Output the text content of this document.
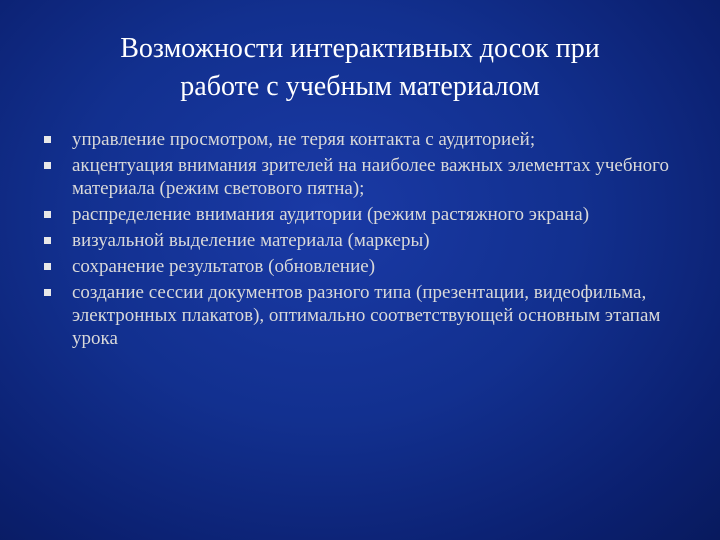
Возможности интерактивных досок при
работе с учебным материалом
управление просмотром, не теряя контакта с аудиторией;
акцентуация внимания зрителей на наиболее важных элементах учебного материала (режим светового пятна);
распределение внимания аудитории (режим растяжного экрана)
визуальной выделение материала (маркеры)
сохранение результатов (обновление)
создание сессии документов разного типа (презентации, видеофильма, электронных плакатов), оптимально соответствующей основным этапам урока
